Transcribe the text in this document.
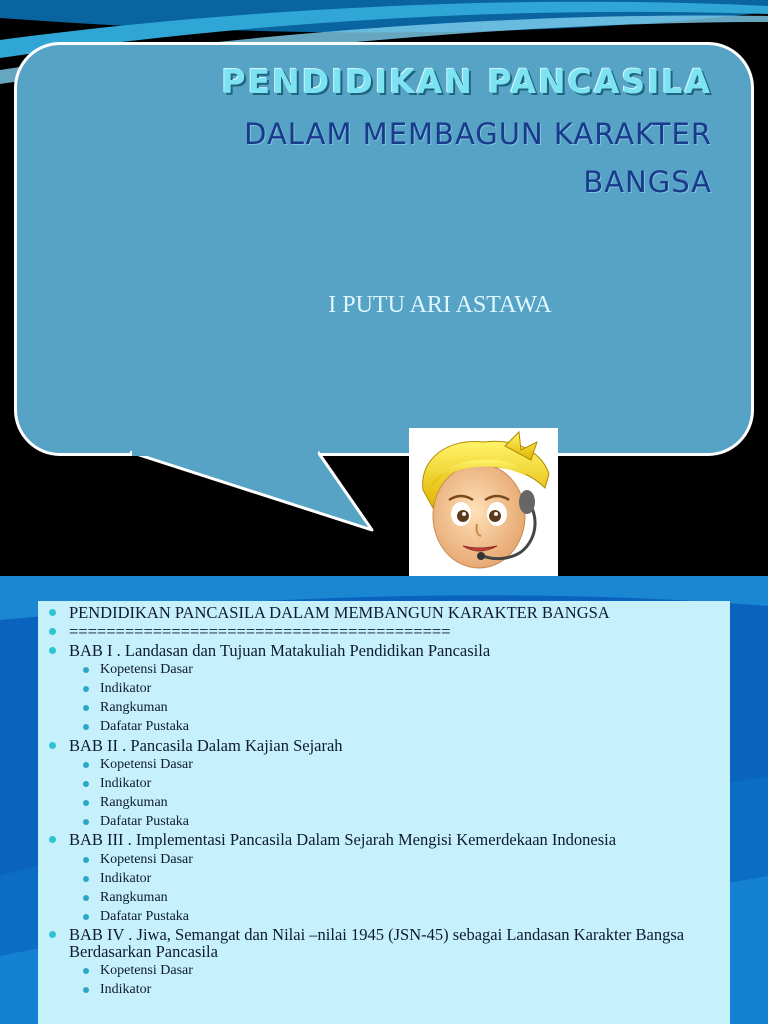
PENDIDIKAN PANCASILA
DALAM MEMBAGUN KARAKTER
BANGSA
I PUTU ARI ASTAWA
PENDIDIKAN PANCASILA DALAM MEMBANGUN KARAKTER BANGSA
=========================================
BAB I . Landasan dan Tujuan Matakuliah Pendidikan Pancasila
Kopetensi Dasar
Indikator
Rangkuman
Dafatar Pustaka
BAB II . Pancasila Dalam Kajian Sejarah
Kopetensi Dasar
Indikator
Rangkuman
Dafatar Pustaka
BAB III . Implementasi Pancasila Dalam Sejarah Mengisi Kemerdekaan Indonesia
Kopetensi Dasar
Indikator
Rangkuman
Dafatar Pustaka
BAB IV . Jiwa, Semangat dan Nilai –nilai 1945 (JSN-45) sebagai Landasan Karakter Bangsa Berdasarkan Pancasila
Kopetensi Dasar
Indikator
